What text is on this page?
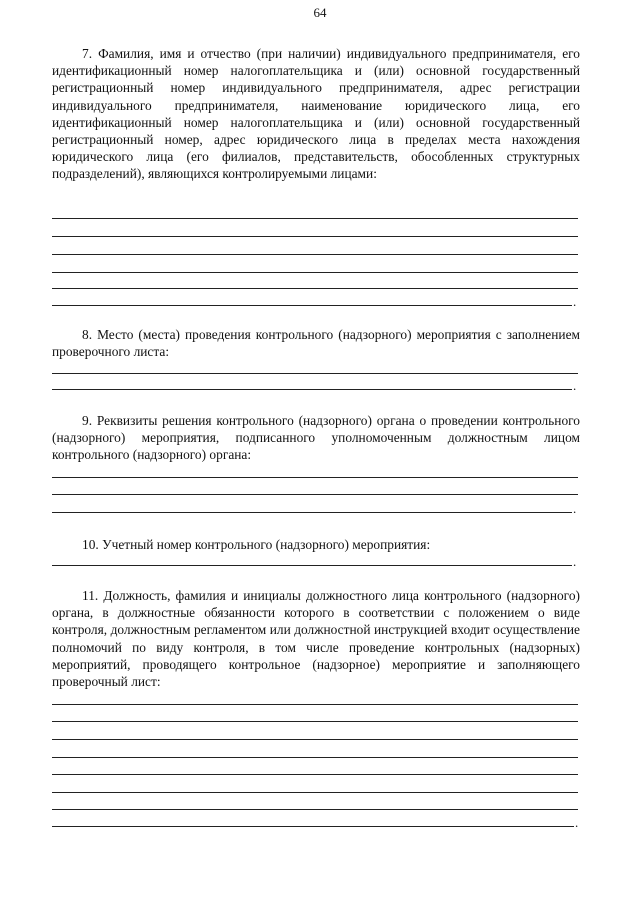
64

7. Фамилия, имя и отчество (при наличии) индивидуального предпринимателя, его идентификационный номер налогоплательщика и (или) основной государственный регистрационный номер индивидуального предпринимателя, адрес регистрации индивидуального предпринимателя, наименование юридического лица, его идентификационный номер налогоплательщика и (или) основной государственный регистрационный номер, адрес юридического лица в пределах места нахождения юридического лица (его филиалов, представительств, обособленных структурных подразделений), являющихся контролируемыми лицами:

.

8. Место (места) проведения контрольного (надзорного) мероприятия с заполнением проверочного листа:

.

9. Реквизиты решения контрольного (надзорного) органа о проведении контрольного (надзорного) мероприятия, подписанного уполномоченным должностным лицом контрольного (надзорного) органа:

.

10. Учетный номер контрольного (надзорного) мероприятия:

.

11. Должность, фамилия и инициалы должностного лица контрольного (надзорного) органа, в должностные обязанности которого в соответствии с положением о виде контроля, должностным регламентом или должностной инструкцией входит осуществление полномочий по виду контроля, в том числе проведение контрольных (надзорных) мероприятий, проводящего контрольное (надзорное) мероприятие и заполняющего проверочный лист:

.
